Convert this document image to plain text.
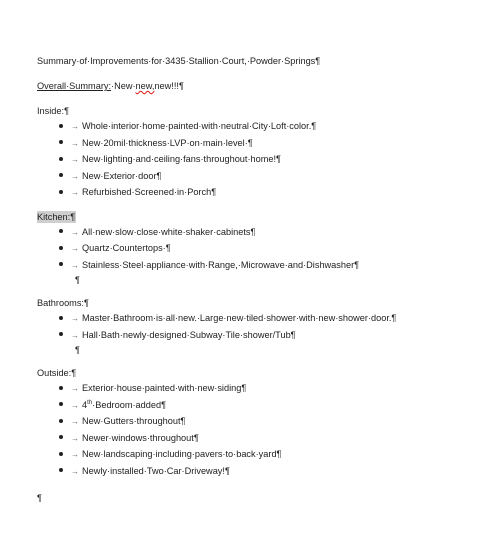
Summary·of·Improvements·for·3435·Stallion·Court,·Powder·Springs¶
Overall·Summary:·New·new,new!!!¶
Inside:¶
→ Whole·interior·home·painted·with·neutral·City·Loft·color.¶
→ New·20mil·thickness·LVP·on·main·level·¶
→ New·lighting·and·ceiling·fans·throughout·home!¶
→ New·Exterior·door¶
→ Refurbished·Screened·in·Porch¶
Kitchen:¶
→ All·new·slow·close·white·shaker·cabinets¶
→ Quartz·Countertops·¶
→ Stainless·Steel·appliance·with·Range,·Microwave·and·Dishwasher¶
¶
Bathrooms:¶
→ Master·Bathroom·is·all·new.·Large·new·tiled·shower·with·new·shower·door.¶
→ Hall·Bath·newly·designed·Subway·Tile·shower/Tub¶
¶
Outside:¶
→ Exterior·house·painted·with·new·siding¶
→ 4th·Bedroom·added¶
→ New·Gutters·throughout¶
→ Newer·windows·throughout¶
→ New·landscaping·including·pavers·to·back·yard¶
→ Newly·installed·Two·Car·Driveway!¶
¶
